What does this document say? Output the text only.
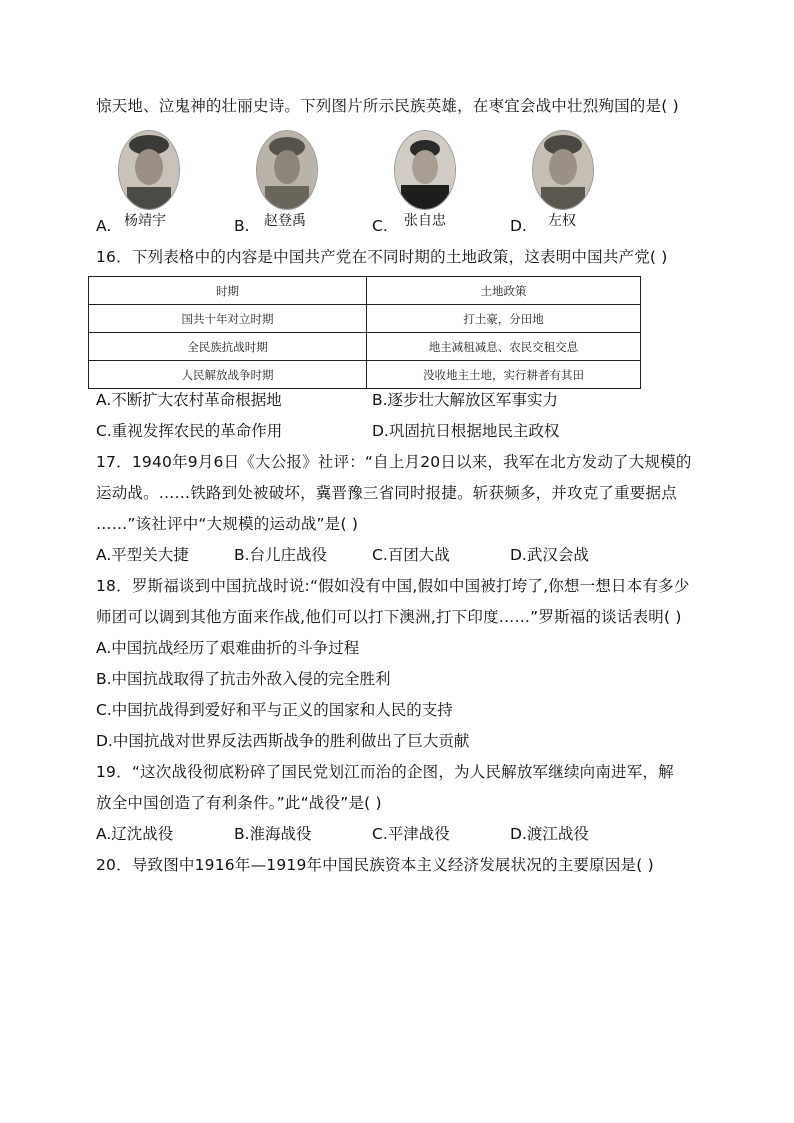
惊天地、泣鬼神的壮丽史诗。下列图片所示民族英雄，在枣宜会战中壮烈殉国的是( )
A. 杨靖宇	B. 赵登禹	C. 张自忠	D. 左权
16．下列表格中的内容是中国共产党在不同时期的土地政策，这表明中国共产党( )
时期	土地政策
国共十年对立时期	打土豪，分田地
全民族抗战时期	地主减租减息、农民交租交息
人民解放战争时期	没收地主土地，实行耕者有其田
A.不断扩大农村革命根据地	B.逐步壮大解放区军事实力
C.重视发挥农民的革命作用	D.巩固抗日根据地民主政权
17．1940年9月6日《大公报》社评：“自上月20日以来，我军在北方发动了大规模的
运动战。……铁路到处被破坏，冀晋豫三省同时报捷。斩获频多，并攻克了重要据点
……”该社评中“大规模的运动战”是( )
A.平型关大捷	B.台儿庄战役	C.百团大战	D.武汉会战
18．罗斯福谈到中国抗战时说:“假如没有中国,假如中国被打垮了,你想一想日本有多少
师团可以调到其他方面来作战,他们可以打下澳洲,打下印度……”罗斯福的谈话表明( )
A.中国抗战经历了艰难曲折的斗争过程
B.中国抗战取得了抗击外敌入侵的完全胜利
C.中国抗战得到爱好和平与正义的国家和人民的支持
D.中国抗战对世界反法西斯战争的胜利做出了巨大贡献
19．“这次战役彻底粉碎了国民党划江而治的企图，为人民解放军继续向南进军，解
放全中国创造了有利条件。”此“战役”是( )
A.辽沈战役	B.淮海战役	C.平津战役	D.渡江战役
20．导致图中1916年—1919年中国民族资本主义经济发展状况的主要原因是( )
